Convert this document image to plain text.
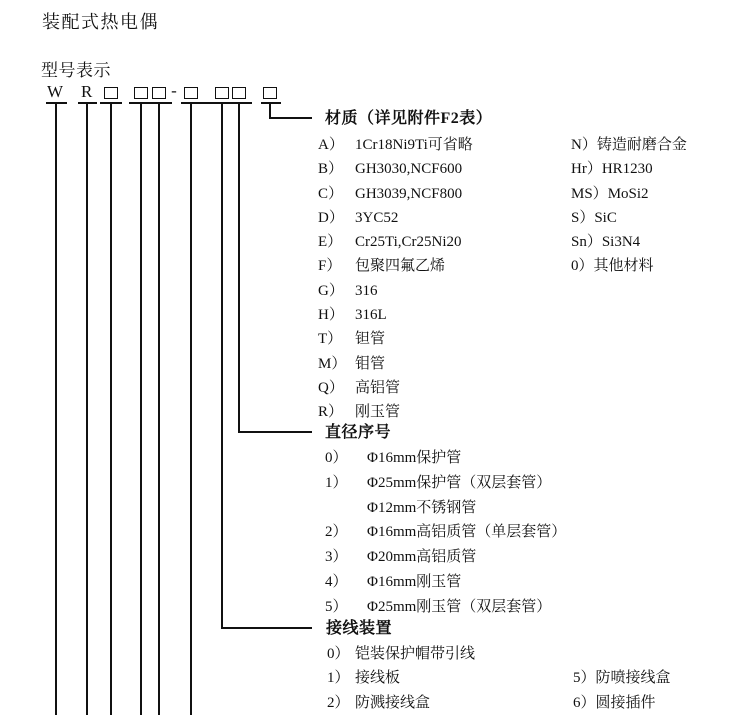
装配式热电偶
型号表示
W R	-
材质（详见附件F2表）
A） 1Cr18Ni9Ti可省略	N）铸造耐磨合金
B） GH3030,NCF600	Hr）HR1230
C） GH3039,NCF800	MS）MoSi2
D） 3YC52	S）SiC
E） Cr25Ti,Cr25Ni20	Sn）Si3N4
F） 包聚四氟乙烯	0）其他材料
G） 316
H） 316L
T） 钽管
M） 钼管
Q） 高铝管
R） 刚玉管
直径序号
0） Φ16mm保护管
1） Φ25mm保护管（双层套管）
Φ12mm不锈钢管
2） Φ16mm高铝质管（单层套管）
3） Φ20mm高铝质管
4） Φ16mm刚玉管
5） Φ25mm刚玉管（双层套管）
接线装置
0） 铠装保护帽带引线
1） 接线板	5）防喷接线盒
2） 防溅接线盒	6）圆接插件
